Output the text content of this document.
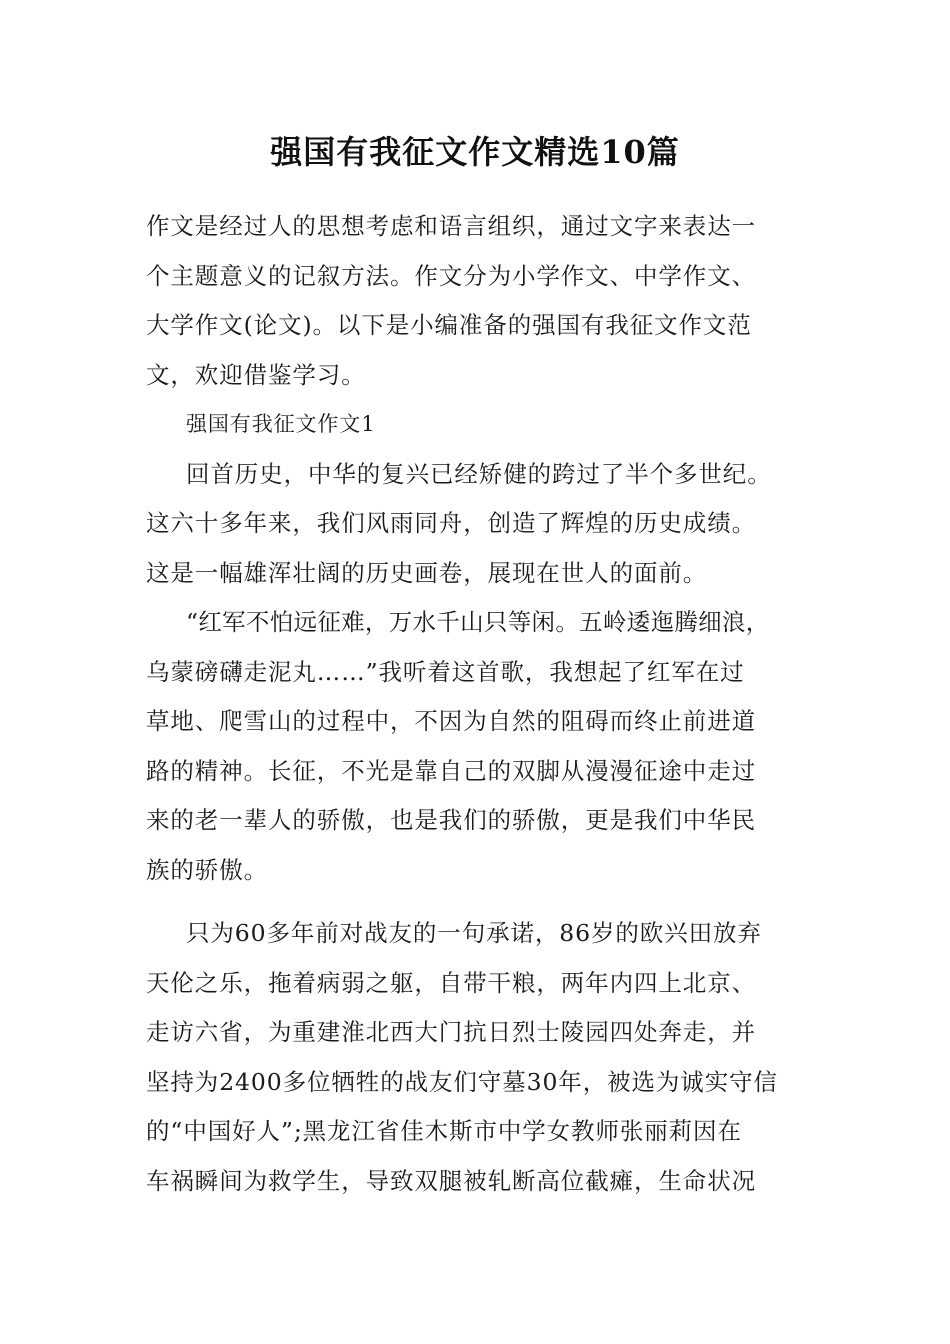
强国有我征文作文精选10篇
作文是经过人的思想考虑和语言组织，通过文字来表达一
个主题意义的记叙方法。作文分为小学作文、中学作文、
大学作文(论文)。以下是小编准备的强国有我征文作文范
文，欢迎借鉴学习。
强国有我征文作文1
回首历史，中华的复兴已经矫健的跨过了半个多世纪。
这六十多年来，我们风雨同舟，创造了辉煌的历史成绩。
这是一幅雄浑壮阔的历史画卷，展现在世人的面前。
“红军不怕远征难，万水千山只等闲。五岭逶迤腾细浪，
乌蒙磅礴走泥丸……”我听着这首歌，我想起了红军在过
草地、爬雪山的过程中，不因为自然的阻碍而终止前进道
路的精神。长征，不光是靠自己的双脚从漫漫征途中走过
来的老一辈人的骄傲，也是我们的骄傲，更是我们中华民
族的骄傲。
只为60多年前对战友的一句承诺，86岁的欧兴田放弃
天伦之乐，拖着病弱之躯，自带干粮，两年内四上北京、
走访六省，为重建淮北西大门抗日烈士陵园四处奔走，并
坚持为2400多位牺牲的战友们守墓30年，被选为诚实守信
的“中国好人”;黑龙江省佳木斯市中学女教师张丽莉因在
车祸瞬间为救学生，导致双腿被轧断高位截瘫，生命状况
